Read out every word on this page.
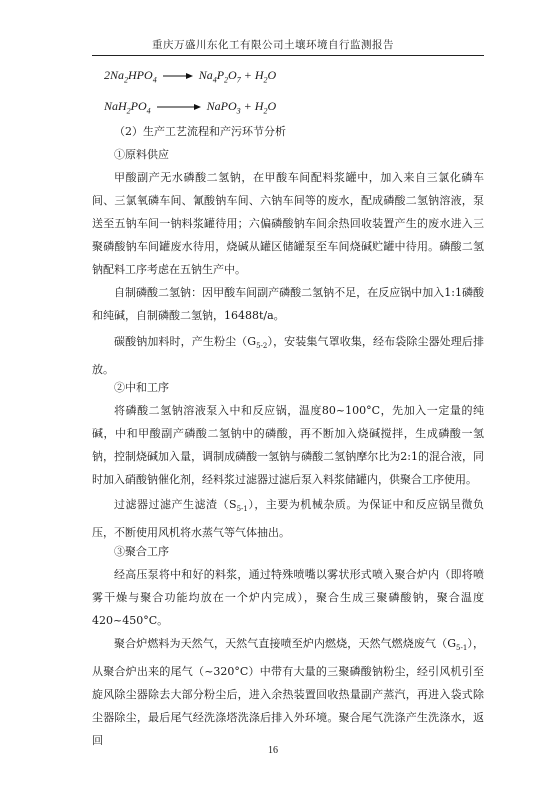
重庆万盛川东化工有限公司土壤环境自行监测报告
$2Na_2HPO_4 \to Na_4P_2O_7 + H_2O$
$NaH_2PO_4$ → NaPO$_3$ + $H_2O$
（2）生产工艺流程和产污环节分析
①原料供应

甲酸副产无水磷酸二氢钠，在甲酸车间配料浆罐中，加入来自三氯化磷车间、三氯氧磷车间、氰酸钠车间、六钠车间等的废水，配成磷酸二氢钠溶液，泵送至五钠车间一钠料浆罐待用；六偏磷酸钠车间余热回收装置产生的废水进入三聚磷酸钠车间罐废水待用，烧碱从罐区储罐泵至车间烧碱贮罐中待用。磷酸二氢钠配料工序考虑在五钠生产中。

自制磷酸二氢钠：因甲酸车间副产磷酸二氢钠不足，在反应锅中加入1:1磷酸和纯碱，自制磷酸二氢钠，16488t/a。

碳酸钠加料时，产生粉尘$(G_{5-2})$，安装集气罩收集，经布袋除尘器处理后排放。

②中和工序

将磷酸二氢钠溶液泵入中和反应锅，温度80~100°C，先加入一定量的纯碱，中和甲酸副产磷酸二氢钠中的磷酸，再不断加入烧碱搅拌，生成磷酸一氢钠，控制烧碱加入量，调制成磷酸一氢钠与磷酸二氢钠摩尔比为2:1的混合液，同时加入硝酸钠催化剂，经料浆过滤器过滤后泵入料浆储罐内，供聚合工序使用。

过滤器过滤产生滤渣$(S_{5-1})$，主要为机械杂质。为保证中和反应锅呈微负压，不断使用风机将水蒸气等气体抽出。

③聚合工序

经高压泵将中和好的料浆，通过特殊喷嘴以雾状形式喷入聚合炉内（即将喷雾干燥与聚合功能均放在一个炉内完成），聚合生成三聚磷酸钠，聚合温度420~450°C。

聚合炉燃料为天然气，天然气直接喷至炉内燃烧，天然气燃烧废气$(G_{5-1})$，从聚合炉出来的尾气（~320°C）中带有大量的三聚磷酸钠粉尘，经引风机引至旋风除尘器除去大部分粉尘后，进入余热装置回收热量副产蒸汽，再进入袋式除尘器除尘，最后尾气经洗涤塔洗涤后排入外环境。聚合尾气洗涤产生洗涤水，返回

16
